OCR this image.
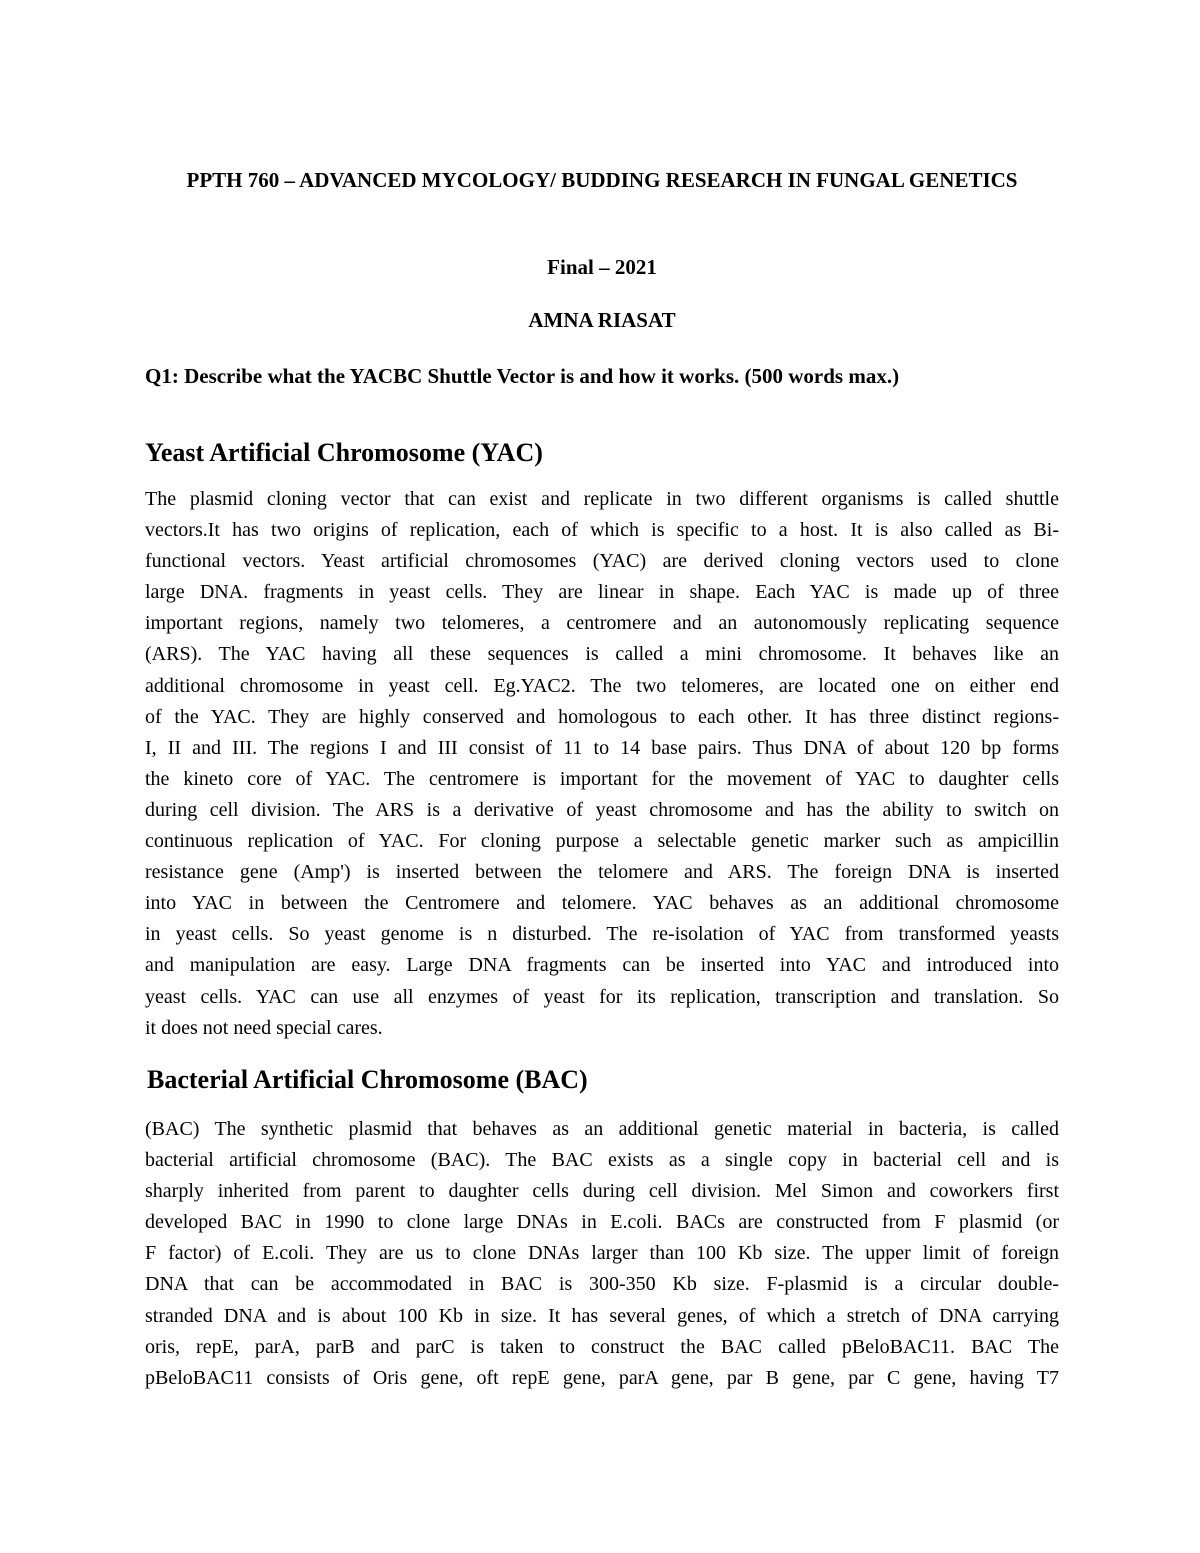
PPTH 760 – ADVANCED MYCOLOGY/ BUDDING RESEARCH IN FUNGAL GENETICS
Final – 2021
AMNA RIASAT
Q1: Describe what the YACBC Shuttle Vector is and how it works. (500 words max.)
Yeast Artificial Chromosome (YAC)
The plasmid cloning vector that can exist and replicate in two different organisms is called shuttle
vectors.It has two origins of replication, each of which is specific to a host. It is also called as Bi-
functional vectors. Yeast artificial chromosomes (YAC) are derived cloning vectors used to clone
large DNA. fragments in yeast cells. They are linear in shape. Each YAC is made up of three
important regions, namely two telomeres, a centromere and an autonomously replicating sequence
(ARS). The YAC having all these sequences is called a mini chromosome. It behaves like an
additional chromosome in yeast cell. Eg.YAC2. The two telomeres, are located one on either end
of the YAC. They are highly conserved and homologous to each other. It has three distinct regions-
I, II and III. The regions I and III consist of 11 to 14 base pairs. Thus DNA of about 120 bp forms
the kineto core of YAC. The centromere is important for the movement of YAC to daughter cells
during cell division. The ARS is a derivative of yeast chromosome and has the ability to switch on
continuous replication of YAC. For cloning purpose a selectable genetic marker such as ampicillin
resistance gene (Amp') is inserted between the telomere and ARS. The foreign DNA is inserted
into YAC in between the Centromere and telomere. YAC behaves as an additional chromosome
in yeast cells. So yeast genome is n disturbed. The re-isolation of YAC from transformed yeasts
and manipulation are easy. Large DNA fragments can be inserted into YAC and introduced into
yeast cells. YAC can use all enzymes of yeast for its replication, transcription and translation. So
it does not need special cares.
Bacterial Artificial Chromosome (BAC)
(BAC) The synthetic plasmid that behaves as an additional genetic material in bacteria, is called
bacterial artificial chromosome (BAC). The BAC exists as a single copy in bacterial cell and is
sharply inherited from parent to daughter cells during cell division. Mel Simon and coworkers first
developed BAC in 1990 to clone large DNAs in E.coli. BACs are constructed from F plasmid (or
F factor) of E.coli. They are us to clone DNAs larger than 100 Kb size. The upper limit of foreign
DNA that can be accommodated in BAC is 300-350 Kb size. F-plasmid is a circular double-
stranded DNA and is about 100 Kb in size. It has several genes, of which a stretch of DNA carrying
oris, repE, parA, parB and parC is taken to construct the BAC called pBeloBAC11. BAC The
pBeloBAC11 consists of Oris gene, oft repE gene, parA gene, par B gene, par C gene, having T7
